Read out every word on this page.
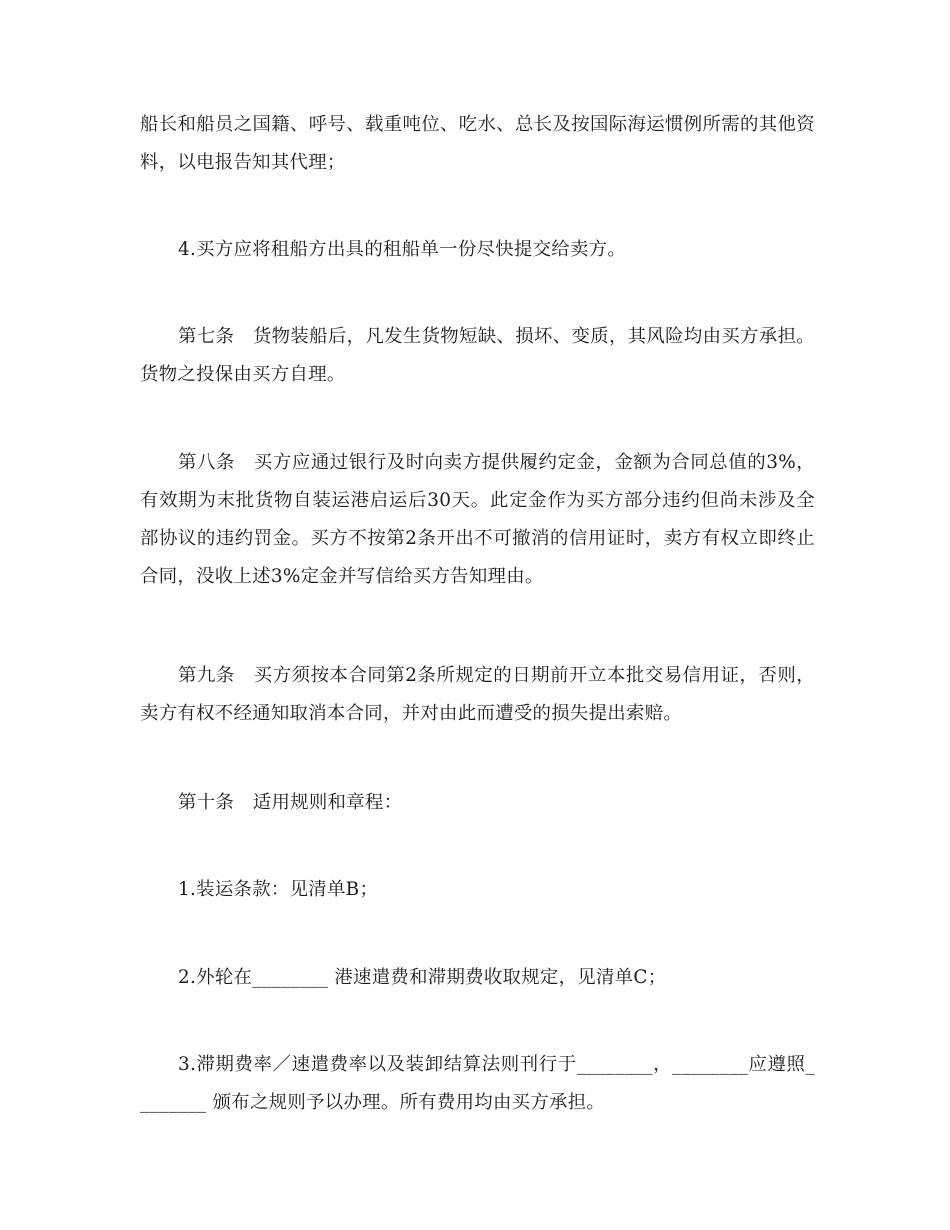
船长和船员之国籍、呼号、载重吨位、吃水、总长及按国际海运惯例所需的其他资料，以电报告知其代理；

4.买方应将租船方出具的租船单一份尽快提交给卖方。

第七条　货物装船后，凡发生货物短缺、损坏、变质，其风险均由买方承担。货物之投保由买方自理。

第八条　买方应通过银行及时向卖方提供履约定金，金额为合同总值的3%，有效期为末批货物自装运港启运后30天。此定金作为买方部分违约但尚未涉及全部协议的违约罚金。买方不按第2条开出不可撤消的信用证时，卖方有权立即终止合同，没收上述3%定金并写信给买方告知理由。

第九条　买方须按本合同第2条所规定的日期前开立本批交易信用证，否则，卖方有权不经通知取消本合同，并对由此而遭受的损失提出索赔。

第十条　适用规则和章程：

1.装运条款：见清单B；

2.外轮在________ 港速遣费和滞期费收取规定，见清单C；

3.滞期费率／速遣费率以及装卸结算法则刊行于________，________应遵照________ 颁布之规则予以办理。所有费用均由买方承担。
